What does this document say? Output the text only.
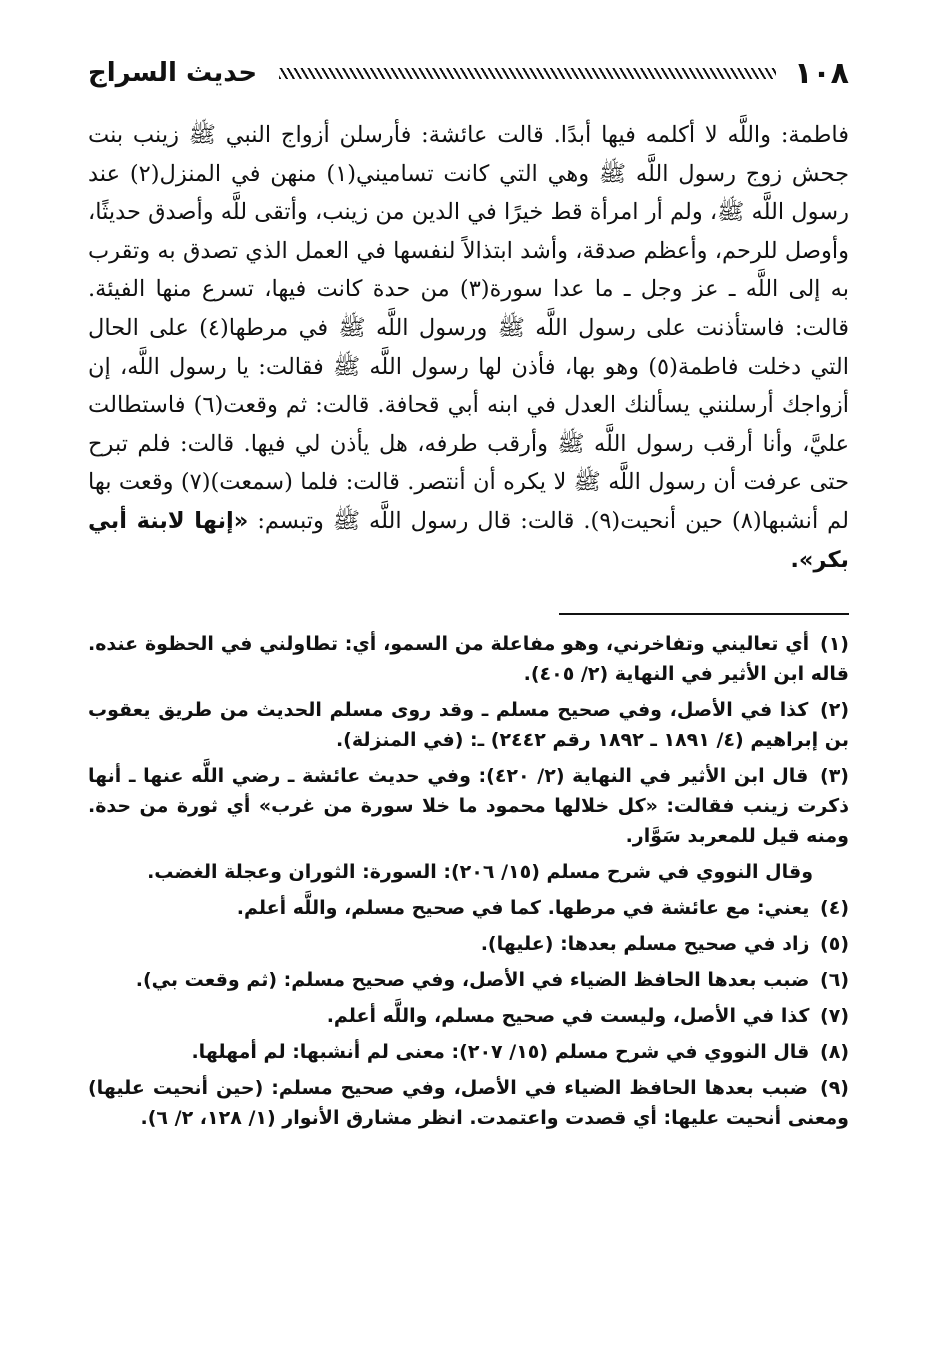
١٠٨
حديث السراج

فاطمة: واللَّه لا أكلمه فيها أبدًا. قالت عائشة: فأرسلن أزواج النبي ﷺ زينب بنت جحش زوج رسول اللَّه ﷺ وهي التي كانت تساميني(١) منهن في المنزل(٢) عند رسول اللَّه ﷺ، ولم أر امرأة قط خيرًا في الدين من زينب، وأتقى للَّه وأصدق حديثًا، وأوصل للرحم، وأعظم صدقة، وأشد ابتذالاً لنفسها في العمل الذي تصدق به وتقرب به إلى اللَّه ـ عز وجل ـ ما عدا سورة(٣) من حدة كانت فيها، تسرع منها الفيئة. قالت: فاستأذنت على رسول اللَّه ﷺ ورسول اللَّه ﷺ في مرطها(٤) على الحال التي دخلت فاطمة(٥) وهو بها، فأذن لها رسول اللَّه ﷺ فقالت: يا رسول اللَّه، إن أزواجك أرسلنني يسألنك العدل في ابنه أبي قحافة. قالت: ثم وقعت(٦) فاستطالت عليَّ، وأنا أرقب رسول اللَّه ﷺ وأرقب طرفه، هل يأذن لي فيها. قالت: فلم تبرح حتى عرفت أن رسول اللَّه ﷺ لا يكره أن أنتصر. قالت: فلما (سمعت)(٧) وقعت بها لم أنشبها(٨) حين أنحيت(٩). قالت: قال رسول اللَّه ﷺ وتبسم: «إنها لابنة أبي بكر».

(١) أي تعاليني وتفاخرني، وهو مفاعلة من السمو، أي: تطاولني في الحظوة عنده. قاله ابن الأثير في النهاية (٢/ ٤٠٥).

(٢) كذا في الأصل، وفي صحيح مسلم ـ وقد روى مسلم الحديث من طريق يعقوب بن إبراهيم (٤/ ١٨٩١ ـ ١٨٩٢ رقم ٢٤٤٢) ـ: (في المنزلة).

(٣) قال ابن الأثير في النهاية (٢/ ٤٢٠): وفي حديث عائشة ـ رضي اللَّه عنها ـ أنها ذكرت زينب فقالت: «كل خلالها محمود ما خلا سورة من غرب» أي ثورة من حدة. ومنه قيل للمعربد سَوَّار.

وقال النووي في شرح مسلم (١٥/ ٢٠٦): السورة: الثوران وعجلة الغضب.

(٤) يعني: مع عائشة في مرطها. كما في صحيح مسلم، واللَّه أعلم.

(٥) زاد في صحيح مسلم بعدها: (عليها).

(٦) ضبب بعدها الحافظ الضياء في الأصل، وفي صحيح مسلم: (ثم وقعت بي).

(٧) كذا في الأصل، وليست في صحيح مسلم، واللَّه أعلم.

(٨) قال النووي في شرح مسلم (١٥/ ٢٠٧): معنى لم أنشبها: لم أمهلها.

(٩) ضبب بعدها الحافظ الضياء في الأصل، وفي صحيح مسلم: (حين أنحيت عليها) ومعنى أنحيت عليها: أي قصدت واعتمدت. انظر مشارق الأنوار (١/ ١٢٨، ٢/ ٦).
